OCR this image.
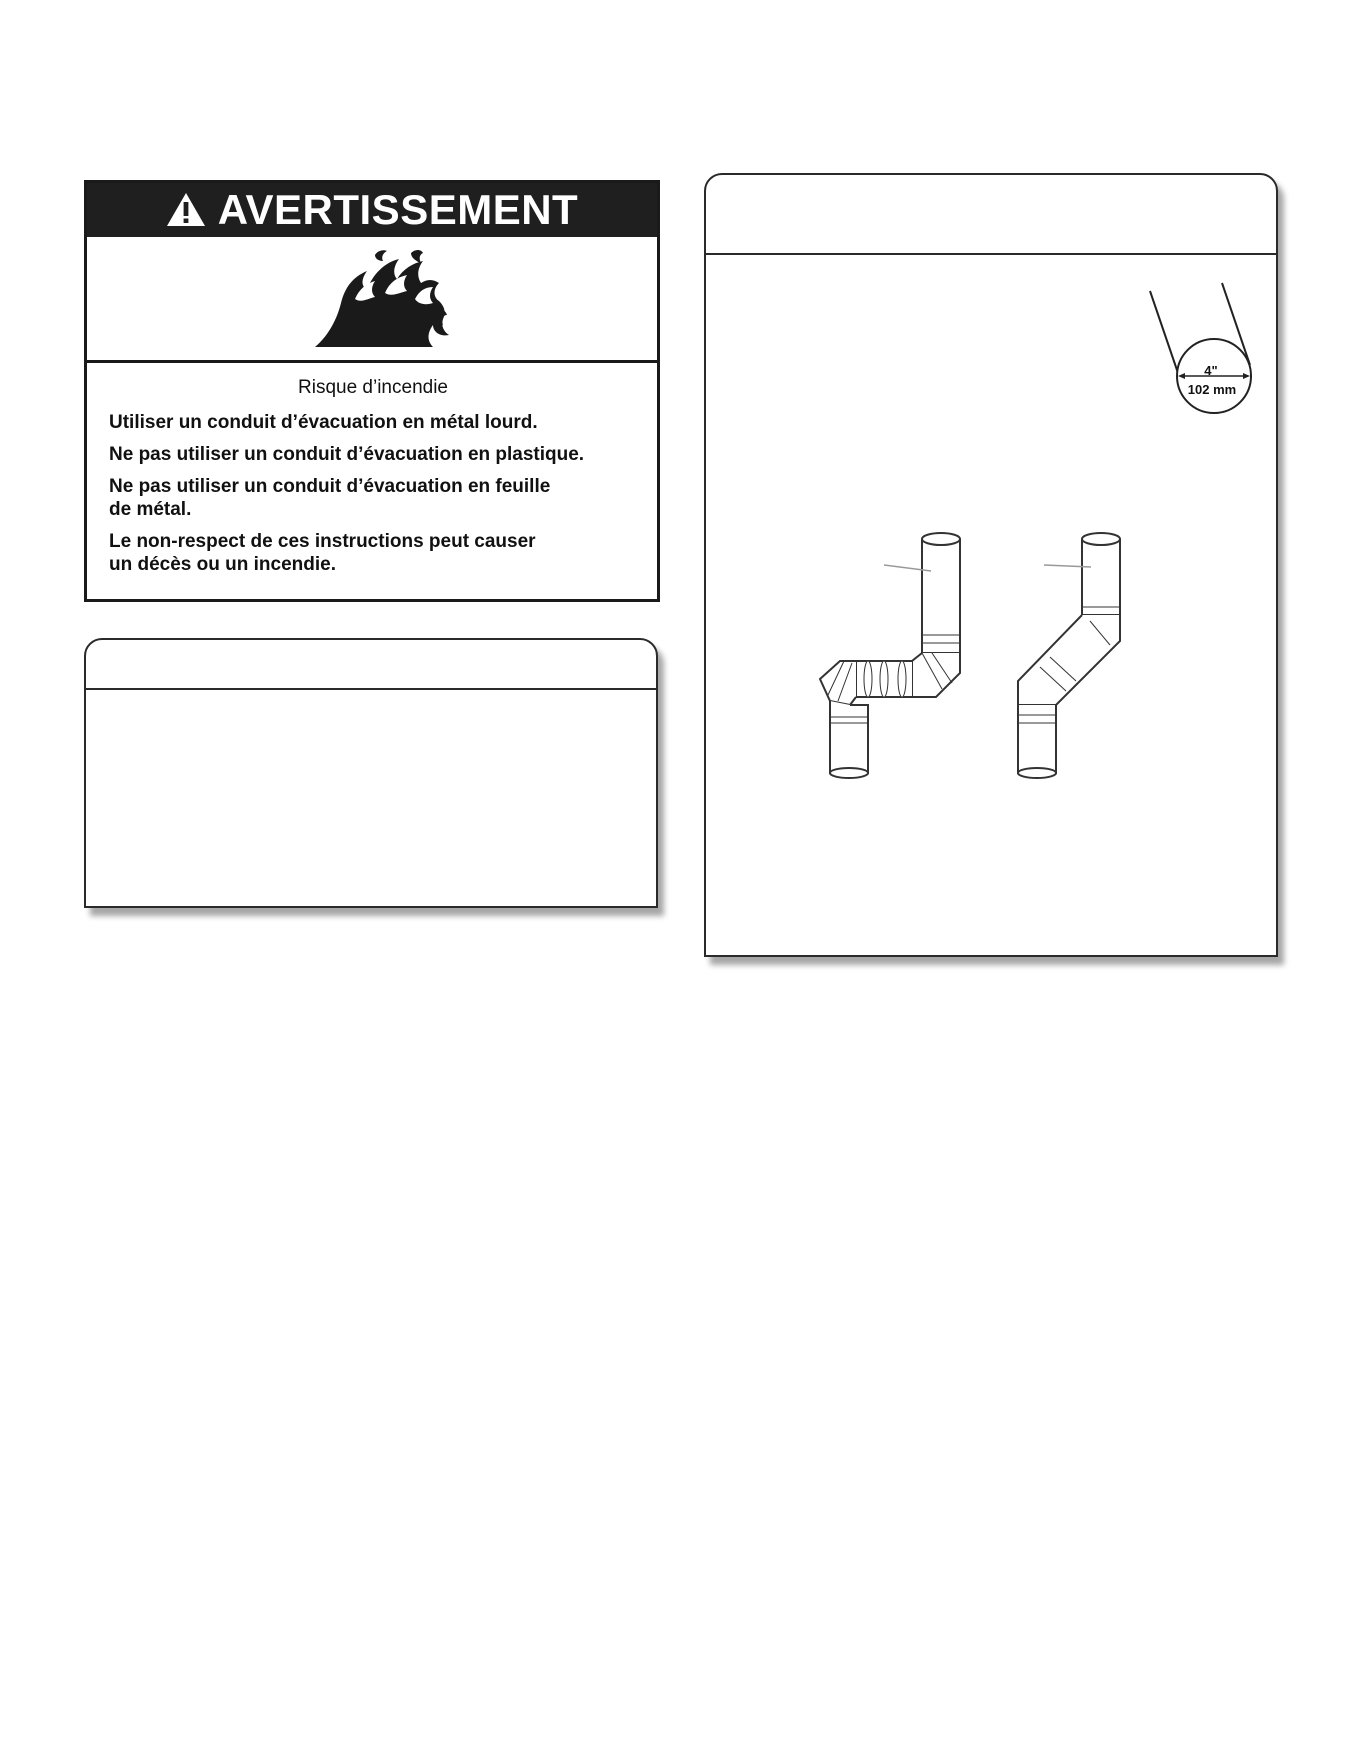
AVERTISSEMENT

Risque d’incendie

Utiliser un conduit d’évacuation en métal lourd.

Ne pas utiliser un conduit d’évacuation en plastique.

Ne pas utiliser un conduit d’évacuation en feuille
de métal.

Le non-respect de ces instructions peut causer
un décès ou un incendie.

4"
102 mm
